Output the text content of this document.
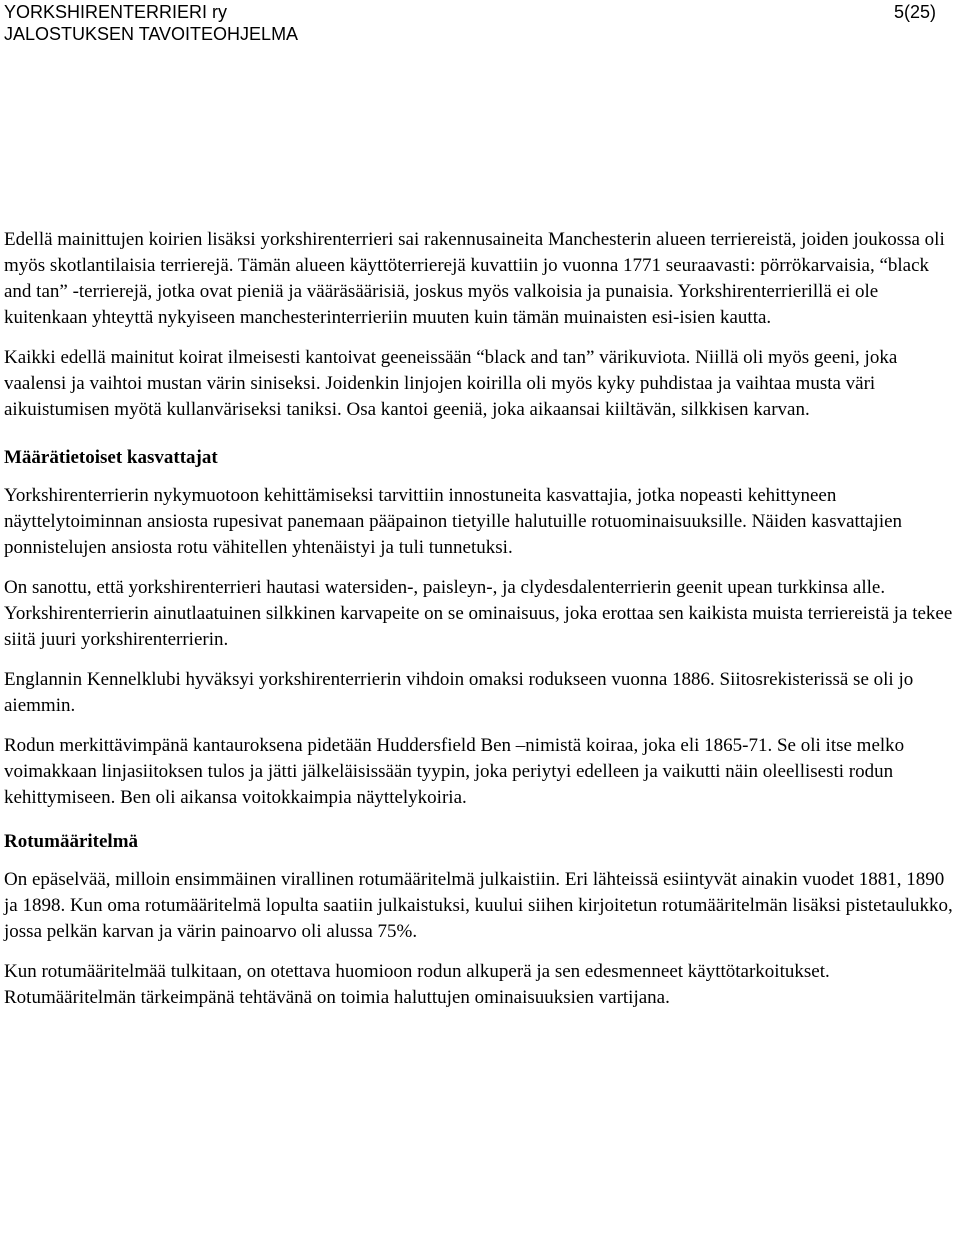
YORKSHIRENTERRIERI ry
JALOSTUKSEN TAVOITEOHJELMA
5(25)

Edellä mainittujen koirien lisäksi yorkshirenterrieri sai rakennusaineita Manchesterin alueen terriereistä, joiden joukossa oli myös skotlantilaisia terrierejä. Tämän alueen käyttöterrierejä kuvattiin jo vuonna 1771 seuraavasti: pörrökarvaisia, “black and tan” -terrierejä, jotka ovat pieniä ja vääräsäärisiä, joskus myös valkoisia ja punaisia. Yorkshirenterrierillä ei ole kuitenkaan yhteyttä nykyiseen manchesterinterrieriin muuten kuin tämän muinaisten esi-isien kautta.

Kaikki edellä mainitut koirat ilmeisesti kantoivat geeneissään “black and tan” värikuviota. Niillä oli myös geeni, joka vaalensi ja vaihtoi mustan värin siniseksi. Joidenkin linjojen koirilla oli myös kyky puhdistaa ja vaihtaa musta väri aikuistumisen myötä kullanväriseksi taniksi. Osa kantoi geeniä, joka aikaansai kiiltävän, silkkisen karvan.

Määrätietoiset kasvattajat

Yorkshirenterrierin nykymuotoon kehittämiseksi tarvittiin innostuneita kasvattajia, jotka nopeasti kehittyneen näyttelytoiminnan ansiosta rupesivat panemaan pääpainon tietyille halutuille rotuominaisuuksille. Näiden kasvattajien ponnistelujen ansiosta rotu vähitellen yhtenäistyi ja tuli tunnetuksi.

On sanottu, että yorkshirenterrieri hautasi watersiden-, paisleyn-, ja clydesdalenterrierin geenit upean turkkinsa alle. Yorkshirenterrierin ainutlaatuinen silkkinen karvapeite on se ominaisuus, joka erottaa sen kaikista muista terriereistä ja tekee siitä juuri yorkshirenterrierin.

Englannin Kennelklubi hyväksyi yorkshirenterrierin vihdoin omaksi rodukseen vuonna 1886. Siitosrekisterissä se oli jo aiemmin.

Rodun merkittävimpänä kantauroksena pidetään Huddersfield Ben –nimistä koiraa, joka eli 1865-71. Se oli itse melko voimakkaan linjasiitoksen tulos ja jätti jälkeläisissään tyypin, joka periytyi edelleen ja vaikutti näin oleellisesti rodun kehittymiseen. Ben oli aikansa voitokkaimpia näyttelykoiria.

Rotumääritelmä

On epäselvää, milloin ensimmäinen virallinen rotumääritelmä julkaistiin. Eri lähteissä esiintyvät ainakin vuodet 1881, 1890 ja 1898. Kun oma rotumääritelmä lopulta saatiin julkaistuksi, kuului siihen kirjoitetun rotumääritelmän lisäksi pistetaulukko, jossa pelkän karvan ja värin painoarvo oli alussa 75%.

Kun rotumääritelmää tulkitaan, on otettava huomioon rodun alkuperä ja sen edesmenneet käyttötarkoitukset. Rotumääritelmän tärkeimpänä tehtävänä on toimia haluttujen ominaisuuksien vartijana.
